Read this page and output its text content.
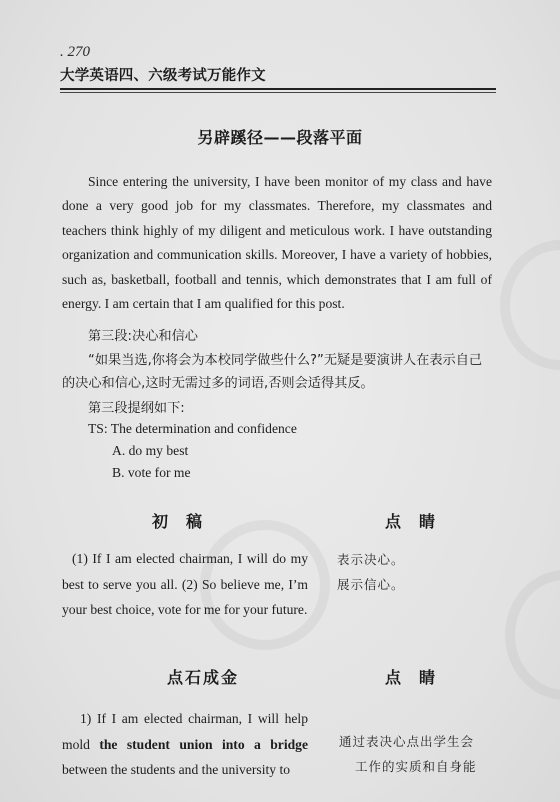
. 270
大学英语四、六级考试万能作文
另辟蹊径——段落平面
Since entering the university, I have been monitor of my class and have done a very good job for my classmates. Therefore, my classmates and teachers think highly of my diligent and meticulous work. I have outstanding organization and communication skills. Moreover, I have a variety of hobbies, such as, basketball, football and tennis, which demonstrates that I am full of energy. I am certain that I am qualified for this post.
第三段:决心和信心
“如果当选,你将会为本校同学做些什么?”无疑是要演讲人在表示自己的决心和信心,这时无需过多的词语,否则会适得其反。
第三段提纲如下:
TS: The determination and confidence
A. do my best
B. vote for me
初稿	点睛
(1) If I am elected chairman, I will do my best to serve you all. (2) So believe me, I’m your best choice, vote for me for your future.
表示决心。
展示信心。
点石成金	点睛
1) If I am elected chairman, I will help mold the student union into a bridge between the students and the university to
通过表决心点出学生会
工作的实质和自身能
